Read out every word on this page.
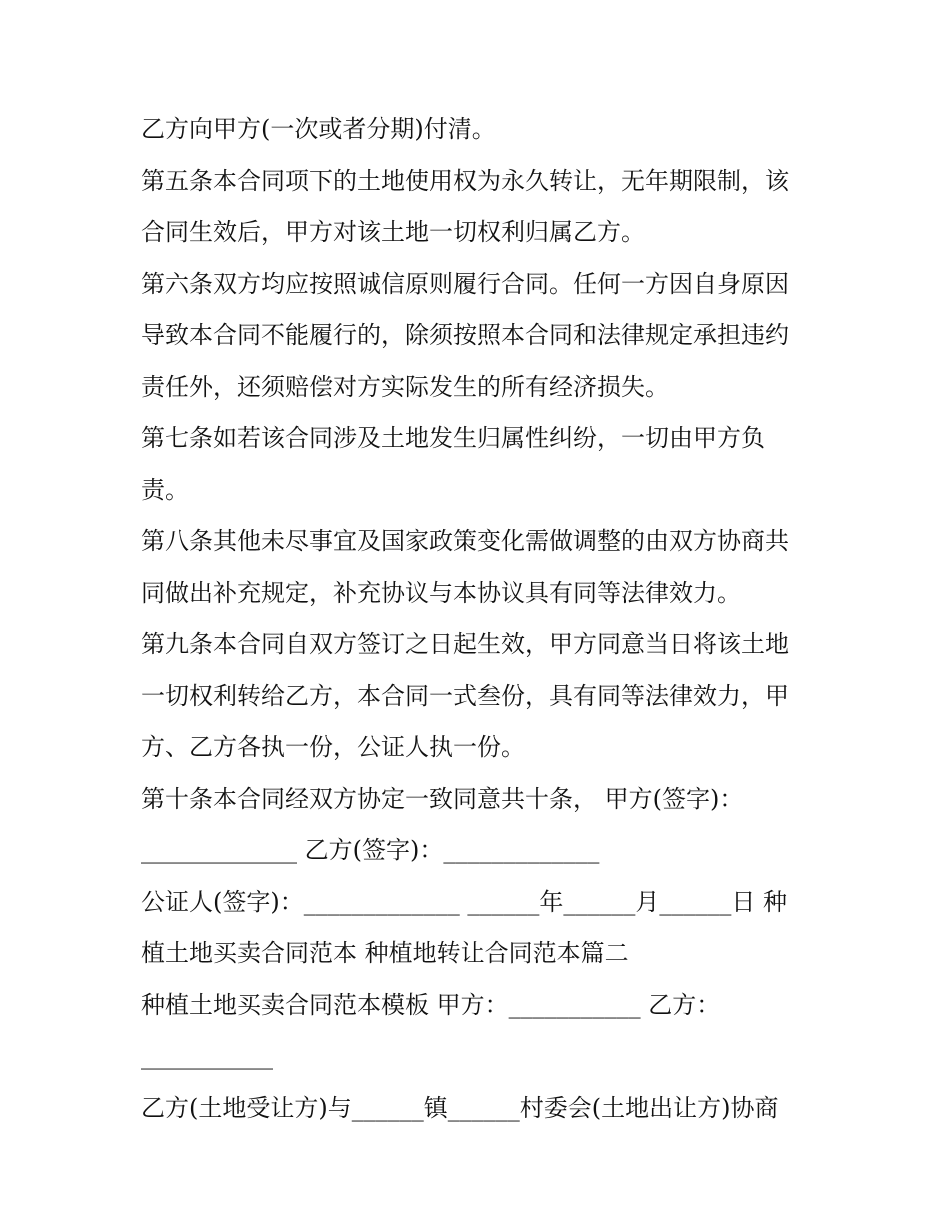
乙方向甲方(一次或者分期)付清。
第五条本合同项下的土地使用权为永久转让，无年期限制，该
合同生效后，甲方对该土地一切权利归属乙方。
第六条双方均应按照诚信原则履行合同。任何一方因自身原因
导致本合同不能履行的，除须按照本合同和法律规定承担违约
责任外，还须赔偿对方实际发生的所有经济损失。
第七条如若该合同涉及土地发生归属性纠纷，一切由甲方负
责。
第八条其他未尽事宜及国家政策变化需做调整的由双方协商共
同做出补充规定，补充协议与本协议具有同等法律效力。
第九条本合同自双方签订之日起生效，甲方同意当日将该土地
一切权利转给乙方，本合同一式叁份，具有同等法律效力，甲
方、乙方各执一份，公证人执一份。
第十条本合同经双方协定一致同意共十条， 甲方(签字)：
_____________ 乙方(签字)：_____________
公证人(签字)：_____________ ______年______月______日 种
植土地买卖合同范本 种植地转让合同范本篇二
种植土地买卖合同范本模板 甲方：___________ 乙方：
___________
乙方(土地受让方)与______镇______村委会(土地出让方)协商
